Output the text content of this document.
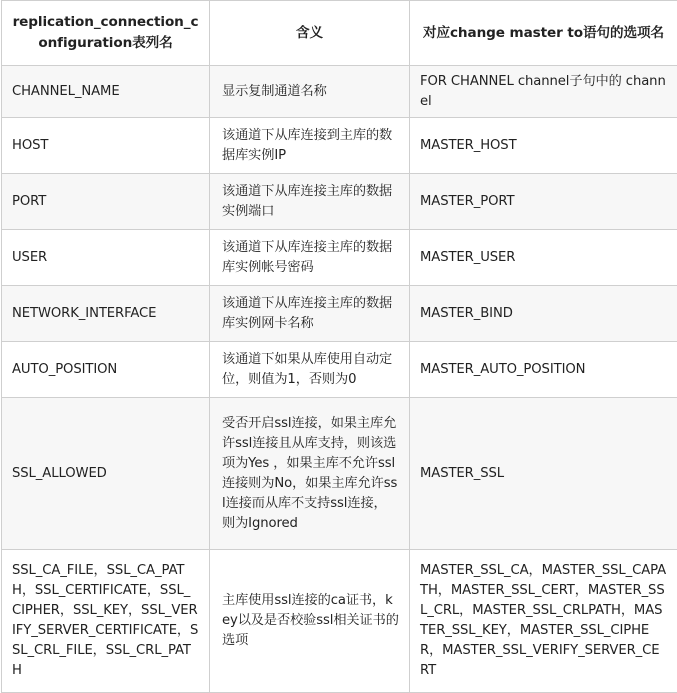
replication_connection_configuration表列名	含义	对应change master to语句的选项名
CHANNEL_NAME	显示复制通道名称	FOR CHANNEL channel子句中的 channel
HOST	该通道下从库连接到主库的数据库实例IP	MASTER_HOST
PORT	该通道下从库连接主库的数据实例端口	MASTER_PORT
USER	该通道下从库连接主库的数据库实例帐号密码	MASTER_USER
NETWORK_INTERFACE	该通道下从库连接主库的数据库实例网卡名称	MASTER_BIND
AUTO_POSITION	该通道下如果从库使用自动定位，则值为1，否则为0	MASTER_AUTO_POSITION
SSL_ALLOWED	受否开启ssl连接，如果主库允许ssl连接且从库支持，则该选项为Yes ，如果主库不允许ssl连接则为No，如果主库允许ssl连接而从库不支持ssl连接，则为Ignored	MASTER_SSL
SSL_CA_FILE，SSL_CA_PATH，SSL_CERTIFICATE，SSL_CIPHER，SSL_KEY，SSL_VERIFY_SERVER_CERTIFICATE，SSL_CRL_FILE，SSL_CRL_PATH	主库使用ssl连接的ca证书，key以及是否校验ssl相关证书的选项	MASTER_SSL_CA，MASTER_SSL_CAPATH，MASTER_SSL_CERT，MASTER_SSL_CRL，MASTER_SSL_CRLPATH，MASTER_SSL_KEY，MASTER_SSL_CIPHER，MASTER_SSL_VERIFY_SERVER_CERT
